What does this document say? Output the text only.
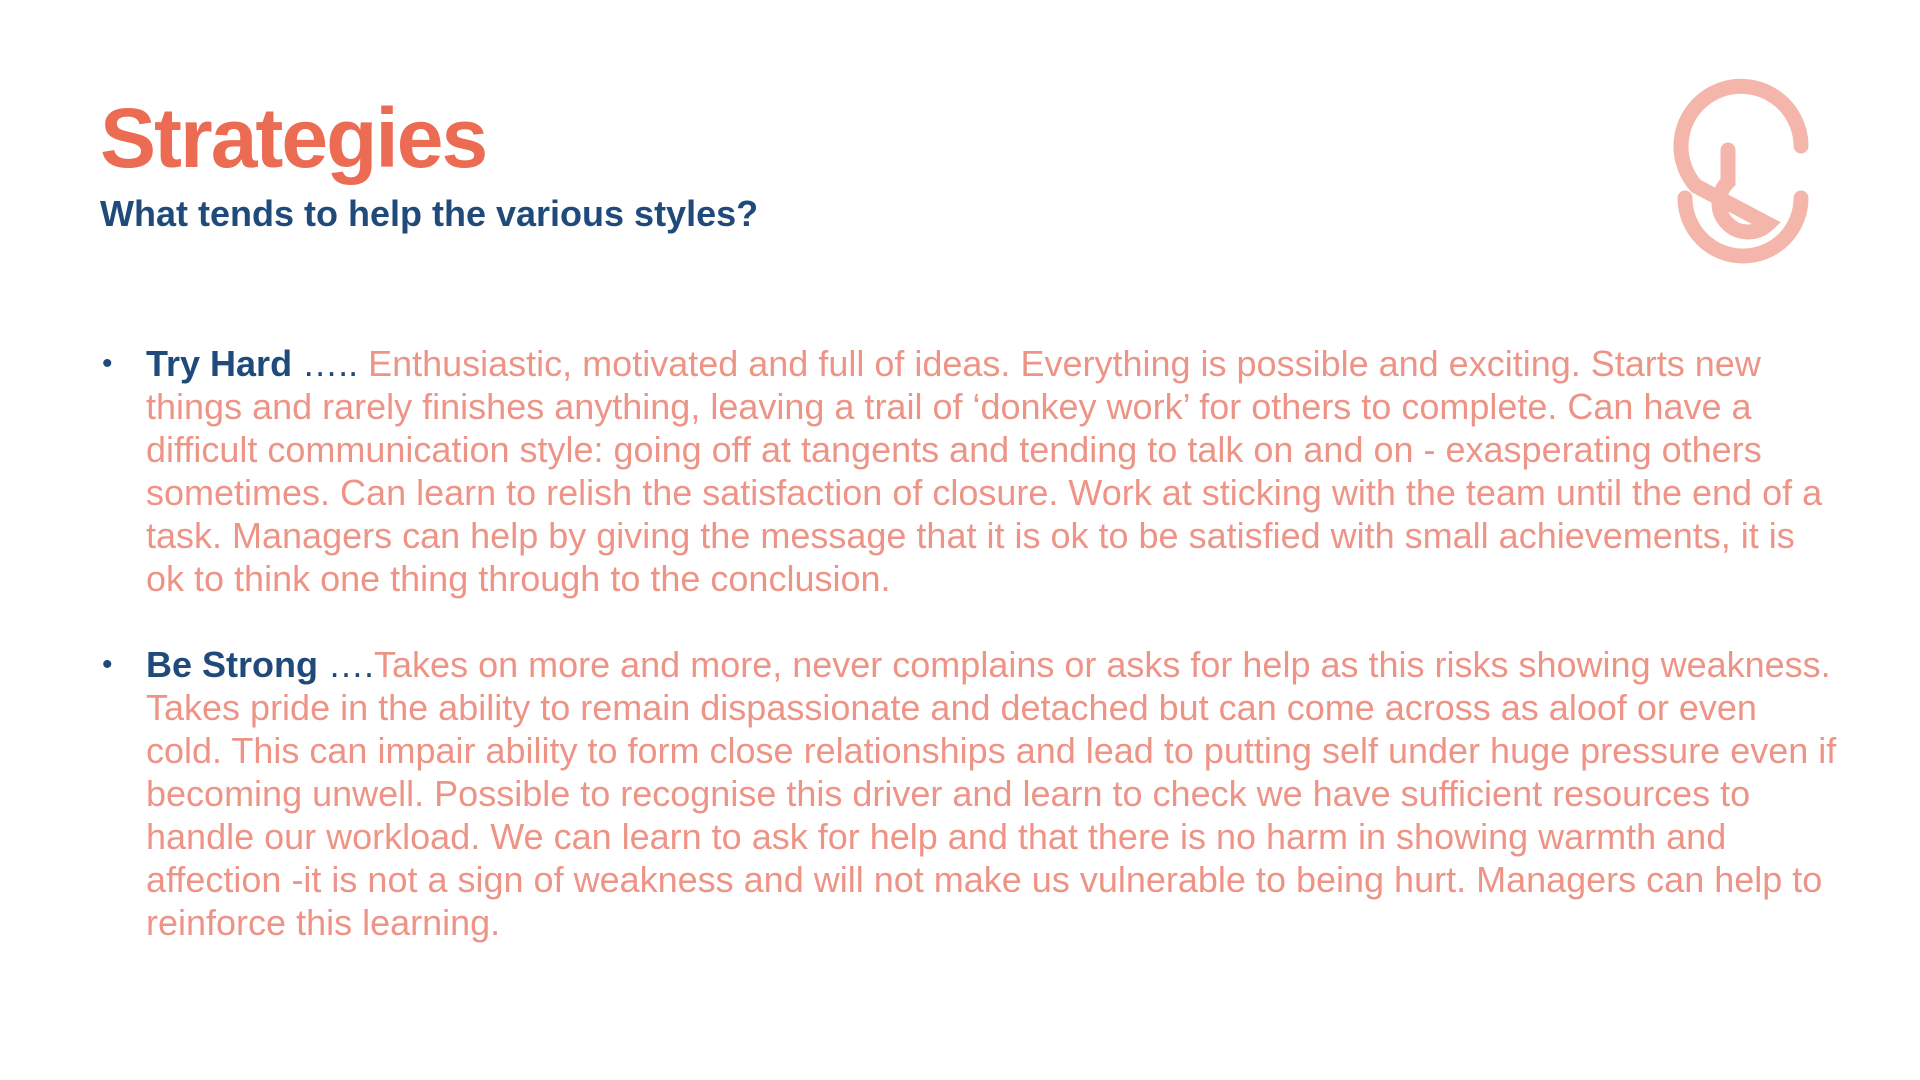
Strategies
What tends to help the various styles?
• Try Hard ….. Enthusiastic, motivated and full of ideas. Everything is possible and exciting. Starts new things and rarely finishes anything, leaving a trail of ‘donkey work’ for others to complete. Can have a difficult communication style: going off at tangents and tending to talk on and on - exasperating others sometimes. Can learn to relish the satisfaction of closure. Work at sticking with the team until the end of a task. Managers can help by giving the message that it is ok to be satisfied with small achievements, it is ok to think one thing through to the conclusion.
• Be Strong ….Takes on more and more, never complains or asks for help as this risks showing weakness. Takes pride in the ability to remain dispassionate and detached but can come across as aloof or even cold. This can impair ability to form close relationships and lead to putting self under huge pressure even if becoming unwell. Possible to recognise this driver and learn to check we have sufficient resources to handle our workload. We can learn to ask for help and that there is no harm in showing warmth and affection -it is not a sign of weakness and will not make us vulnerable to being hurt. Managers can help to reinforce this learning.
